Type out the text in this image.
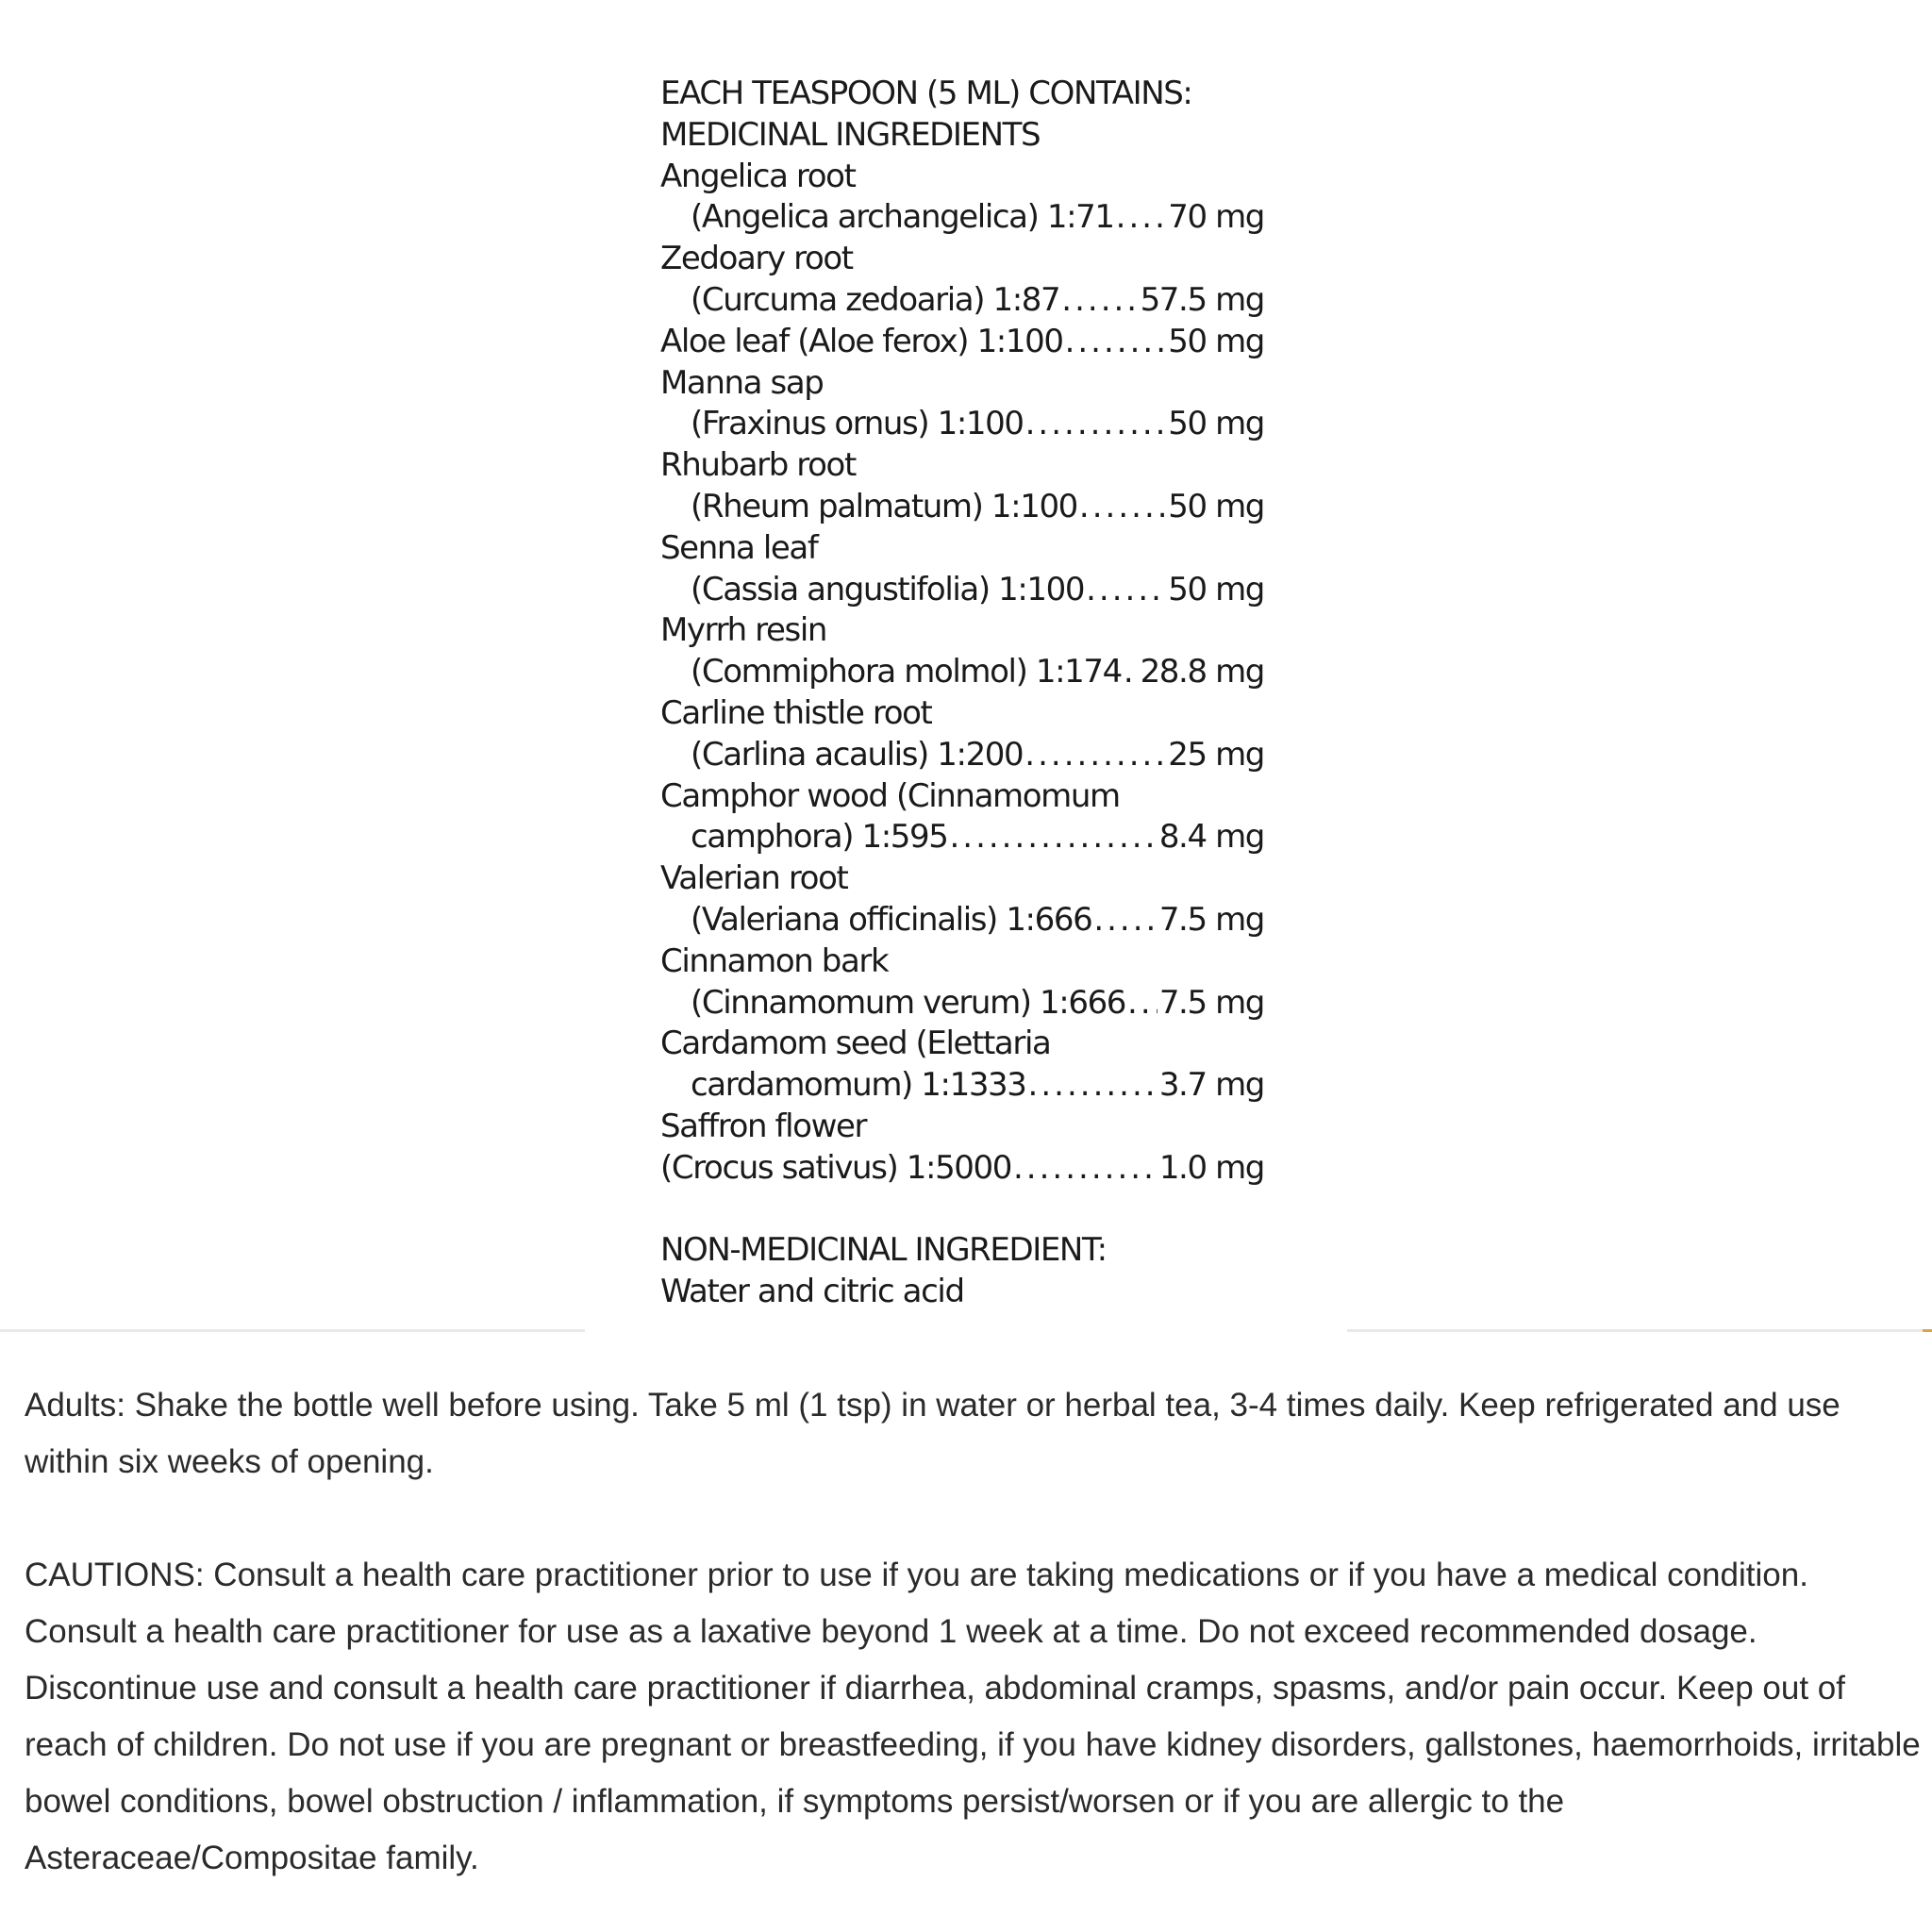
EACH TEASPOON (5 ML) CONTAINS:
MEDICINAL INGREDIENTS
Angelica root
(Angelica archangelica) 1:71 ..... 70 mg
Zedoary root
(Curcuma zedoaria) 1:87 .....	57.5 mg
Aloe leaf (Aloe ferox) 1:100 .....	50 mg
Manna sap
(Fraxinus ornus) 1:100 .....	50 mg
Rhubarb root
(Rheum palmatum) 1:100 .....	50 mg
Senna leaf
(Cassia angustifolia) 1:100 .....	50 mg
Myrrh resin
(Commiphora molmol) 1:174 ..... 28.8 mg
Carline thistle root
(Carlina acaulis) 1:200 .....	25 mg
Camphor wood (Cinnamomum
camphora) 1:595 .....	8.4 mg
Valerian root
(Valeriana officinalis) 1:666 ..... 7.5 mg
Cinnamon bark
(Cinnamomum verum) 1:666 ..... 7.5 mg
Cardamom seed (Elettaria
cardamomum) 1:1333 .....	3.7 mg
Saffron flower
(Crocus sativus) 1:5000 .....	1.0 mg
NON-MEDICINAL INGREDIENT:
Water and citric acid

Adults: Shake the bottle well before using. Take 5 ml (1 tsp) in water or herbal tea, 3-4 times daily. Keep refrigerated and use within six weeks of opening.

CAUTIONS: Consult a health care practitioner prior to use if you are taking medications or if you have a medical condition. Consult a health care practitioner for use as a laxative beyond 1 week at a time. Do not exceed recommended dosage. Discontinue use and consult a health care practitioner if diarrhea, abdominal cramps, spasms, and/or pain occur. Keep out of reach of children. Do not use if you are pregnant or breastfeeding, if you have kidney disorders, gallstones, haemorrhoids, irritable bowel conditions, bowel obstruction / inflammation, if symptoms persist/worsen or if you are allergic to the Asteraceae/Compositae family.
